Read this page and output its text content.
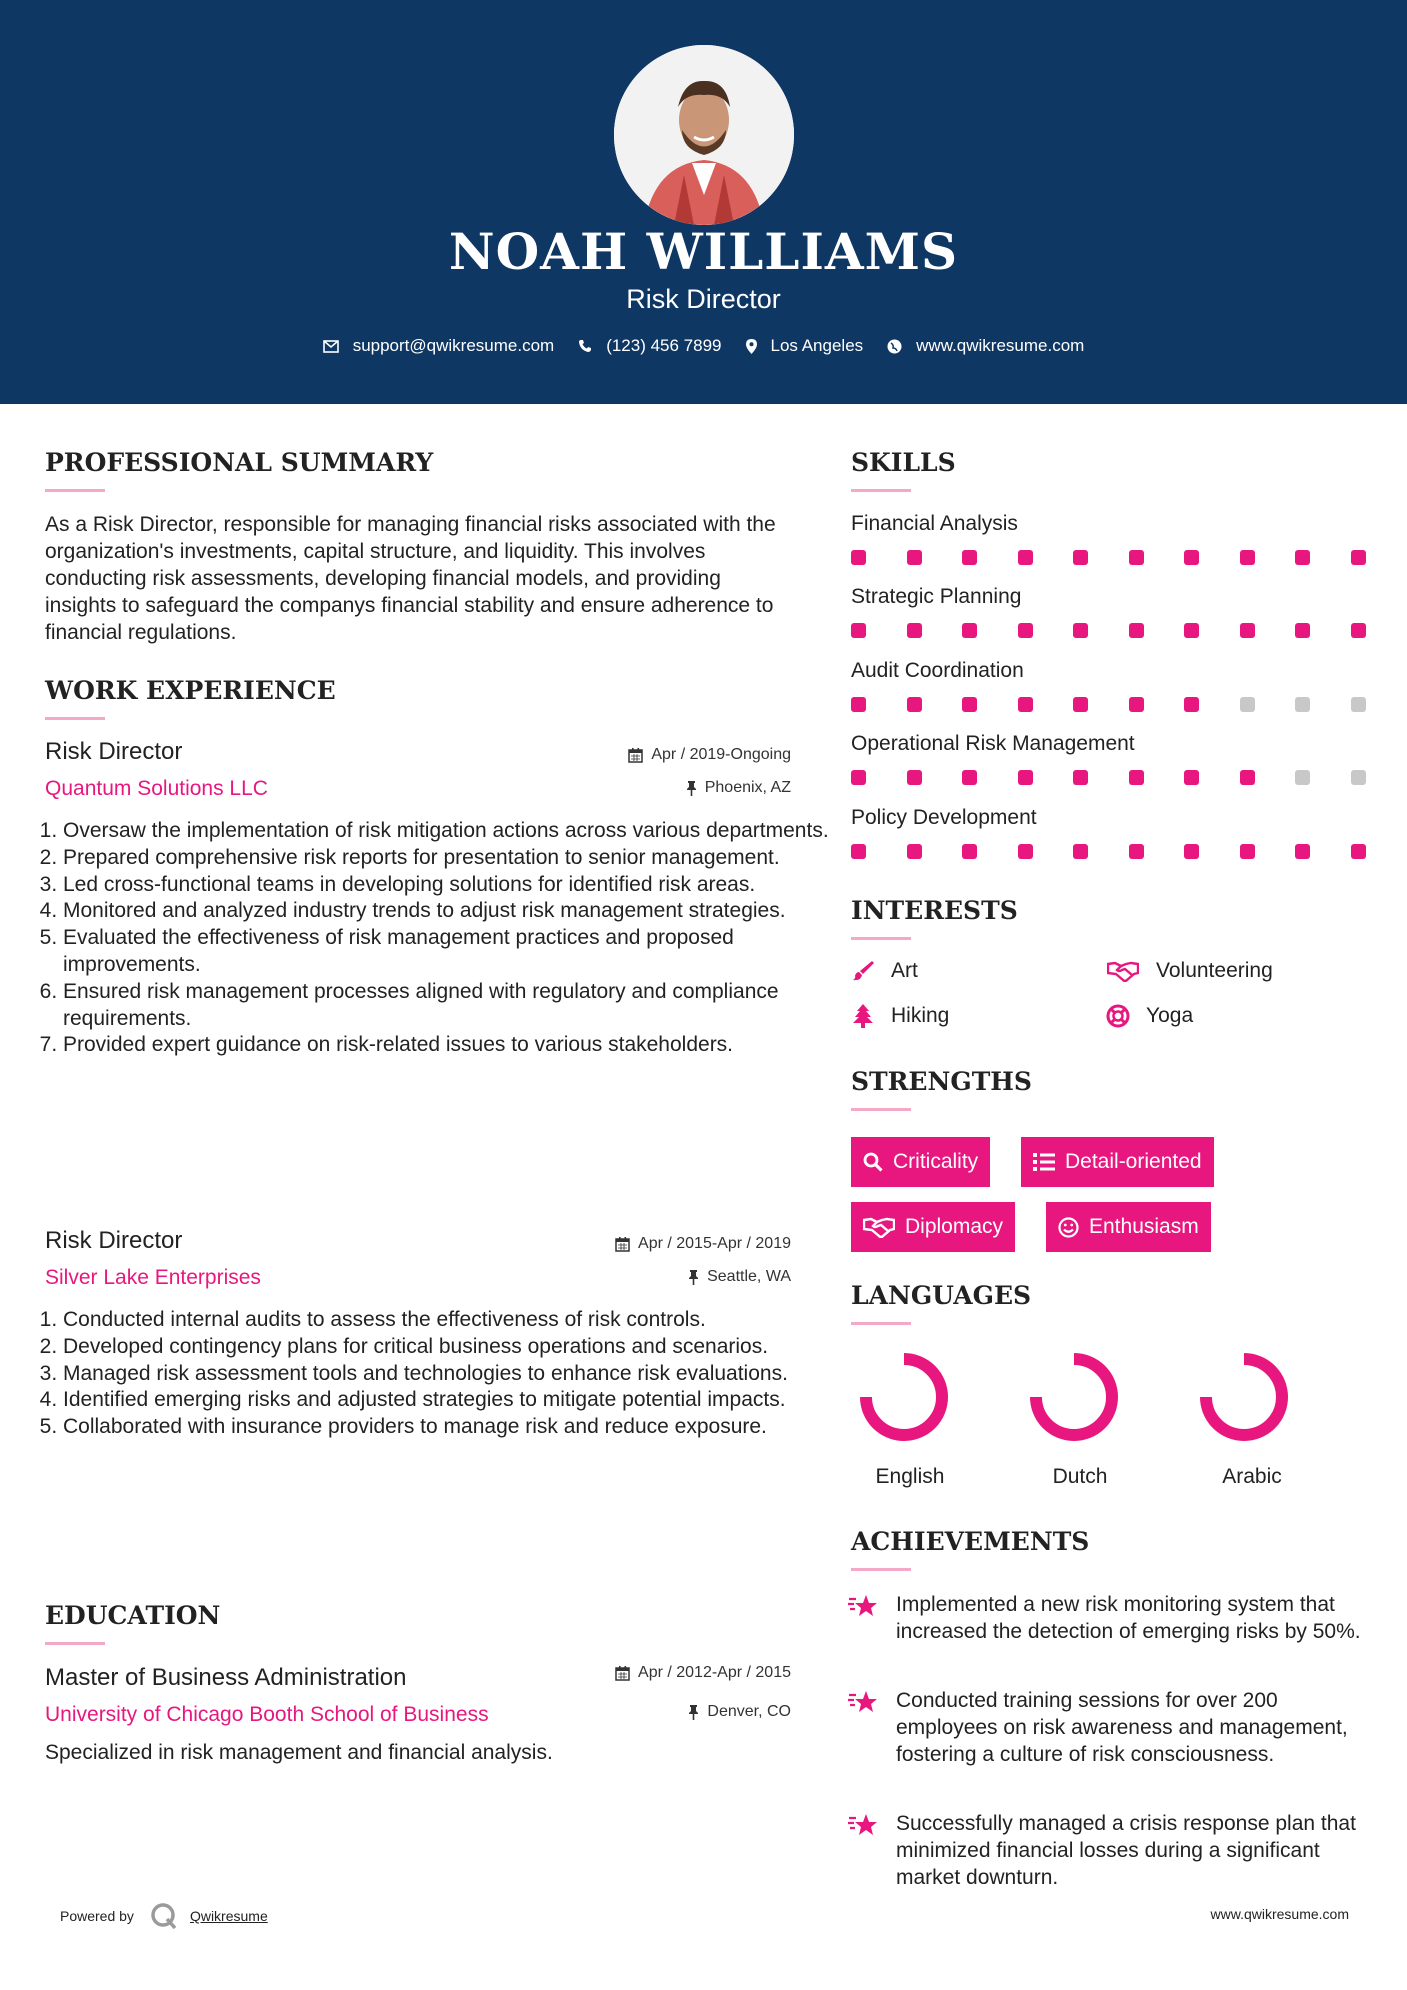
NOAH WILLIAMS
Risk Director
support@qwikresume.com	(123) 456 7899	Los Angeles	www.qwikresume.com
PROFESSIONAL SUMMARY
As a Risk Director, responsible for managing financial risks associated with the organization's investments, capital structure, and liquidity. This involves conducting risk assessments, developing financial models, and providing insights to safeguard the companys financial stability and ensure adherence to financial regulations.
WORK EXPERIENCE
Risk Director
Quantum Solutions LLC
Apr / 2019-Ongoing
Phoenix, AZ
1. Oversaw the implementation of risk mitigation actions across various departments.
2. Prepared comprehensive risk reports for presentation to senior management.
3. Led cross-functional teams in developing solutions for identified risk areas.
4. Monitored and analyzed industry trends to adjust risk management strategies.
5. Evaluated the effectiveness of risk management practices and proposed improvements.
6. Ensured risk management processes aligned with regulatory and compliance requirements.
7. Provided expert guidance on risk-related issues to various stakeholders.
Risk Director
Silver Lake Enterprises
Apr / 2015-Apr / 2019
Seattle, WA
1. Conducted internal audits to assess the effectiveness of risk controls.
2. Developed contingency plans for critical business operations and scenarios.
3. Managed risk assessment tools and technologies to enhance risk evaluations.
4. Identified emerging risks and adjusted strategies to mitigate potential impacts.
5. Collaborated with insurance providers to manage risk and reduce exposure.
EDUCATION
Master of Business Administration
University of Chicago Booth School of Business
Apr / 2012-Apr / 2015
Denver, CO
Specialized in risk management and financial analysis.
SKILLS
Financial Analysis
Strategic Planning
Audit Coordination
Operational Risk Management
Policy Development
INTERESTS
Art	Volunteering
Hiking	Yoga
STRENGTHS
Criticality	Detail-oriented
Diplomacy	Enthusiasm
LANGUAGES
English	Dutch	Arabic
ACHIEVEMENTS
Implemented a new risk monitoring system that increased the detection of emerging risks by 50%.
Conducted training sessions for over 200 employees on risk awareness and management, fostering a culture of risk consciousness.
Successfully managed a crisis response plan that minimized financial losses during a significant market downturn.
Powered by	Qwikresume	www.qwikresume.com
